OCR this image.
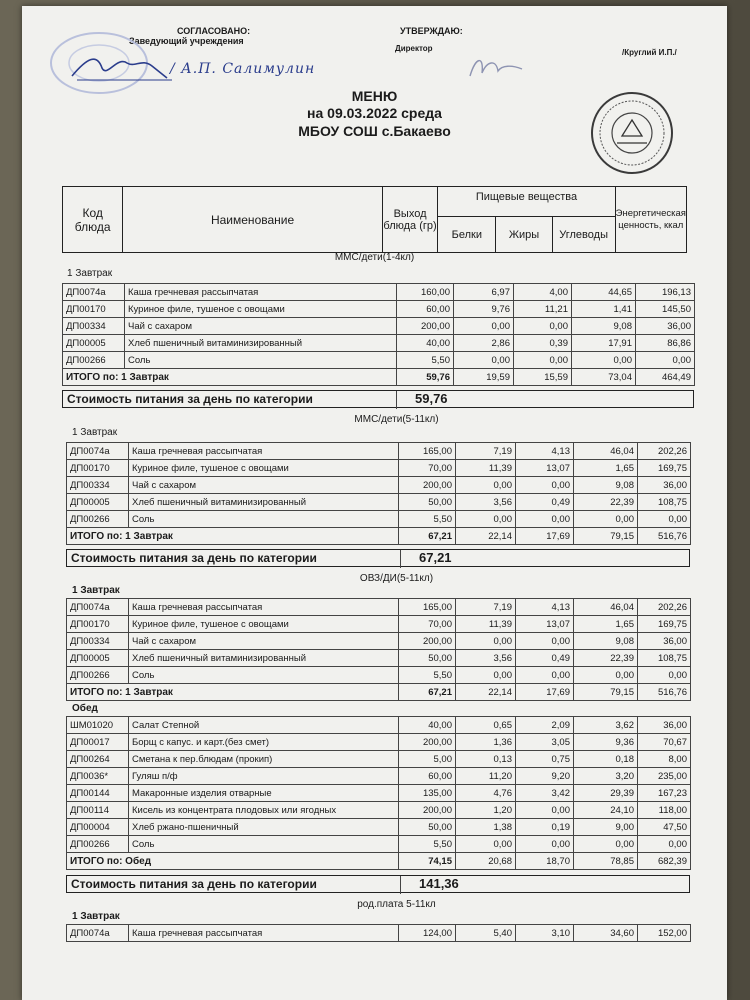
СОГЛАСОВАНО:
Заведующий учреждения
УТВЕРЖДАЮ:
Директор	/Круглий И.П./
/ А.П. Салимулин
МЕНЮ
на 09.03.2022 среда
МБОУ СОШ с.Бакаево
Код блюда	Наименование	Выход блюда (гр)	Пищевые вещества			Энергетическая ценность, ккал
			Белки	Жиры	Углеводы	
ММС/дети(1-4кл)
1 Завтрак
ДП0074а	Каша гречневая рассыпчатая	160,00	6,97	4,00	44,65	196,13
ДП00170	Куриное филе, тушеное с овощами	60,00	9,76	11,21	1,41	145,50
ДП00334	Чай с сахаром	200,00	0,00	0,00	9,08	36,00
ДП00005	Хлеб пшеничный витаминизированный	40,00	2,86	0,39	17,91	86,86
ДП00266	Соль	5,50	0,00	0,00	0,00	0,00
ИТОГО по: 1 Завтрак		59,76	19,59	15,59	73,04	464,49
Стоимость питания за день по категории	59,76
ММС/дети(5-11кл)
1 Завтрак
ДП0074а	Каша гречневая рассыпчатая	165,00	7,19	4,13	46,04	202,26
ДП00170	Куриное филе, тушеное с овощами	70,00	11,39	13,07	1,65	169,75
ДП00334	Чай с сахаром	200,00	0,00	0,00	9,08	36,00
ДП00005	Хлеб пшеничный витаминизированный	50,00	3,56	0,49	22,39	108,75
ДП00266	Соль	5,50	0,00	0,00	0,00	0,00
ИТОГО по: 1 Завтрак		67,21	22,14	17,69	79,15	516,76
Стоимость питания за день по категории	67,21
ОВЗ/ДИ(5-11кл)
1 Завтрак
ДП0074а	Каша гречневая рассыпчатая	165,00	7,19	4,13	46,04	202,26
ДП00170	Куриное филе, тушеное с овощами	70,00	11,39	13,07	1,65	169,75
ДП00334	Чай с сахаром	200,00	0,00	0,00	9,08	36,00
ДП00005	Хлеб пшеничный витаминизированный	50,00	3,56	0,49	22,39	108,75
ДП00266	Соль	5,50	0,00	0,00	0,00	0,00
ИТОГО по: 1 Завтрак		67,21	22,14	17,69	79,15	516,76
Обед
ШМ01020	Салат Степной	40,00	0,65	2,09	3,62	36,00
ДП00017	Борщ с капус. и карт.(без смет)	200,00	1,36	3,05	9,36	70,67
ДП00264	Сметана к пер.блюдам (прокип)	5,00	0,13	0,75	0,18	8,00
ДП0036*	Гуляш п/ф	60,00	11,20	9,20	3,20	235,00
ДП00144	Макаронные изделия отварные	135,00	4,76	3,42	29,39	167,23
ДП00114	Кисель из концентрата плодовых или ягодных	200,00	1,20	0,00	24,10	118,00
ДП00004	Хлеб ржано-пшеничный	50,00	1,38	0,19	9,00	47,50
ДП00266	Соль	5,50	0,00	0,00	0,00	0,00
ИТОГО по: Обед		74,15	20,68	18,70	78,85	682,39
Стоимость питания за день по категории	141,36
род.плата 5-11кл
1 Завтрак
ДП0074а	Каша гречневая рассыпчатая	124,00	5,40	3,10	34,60	152,00
